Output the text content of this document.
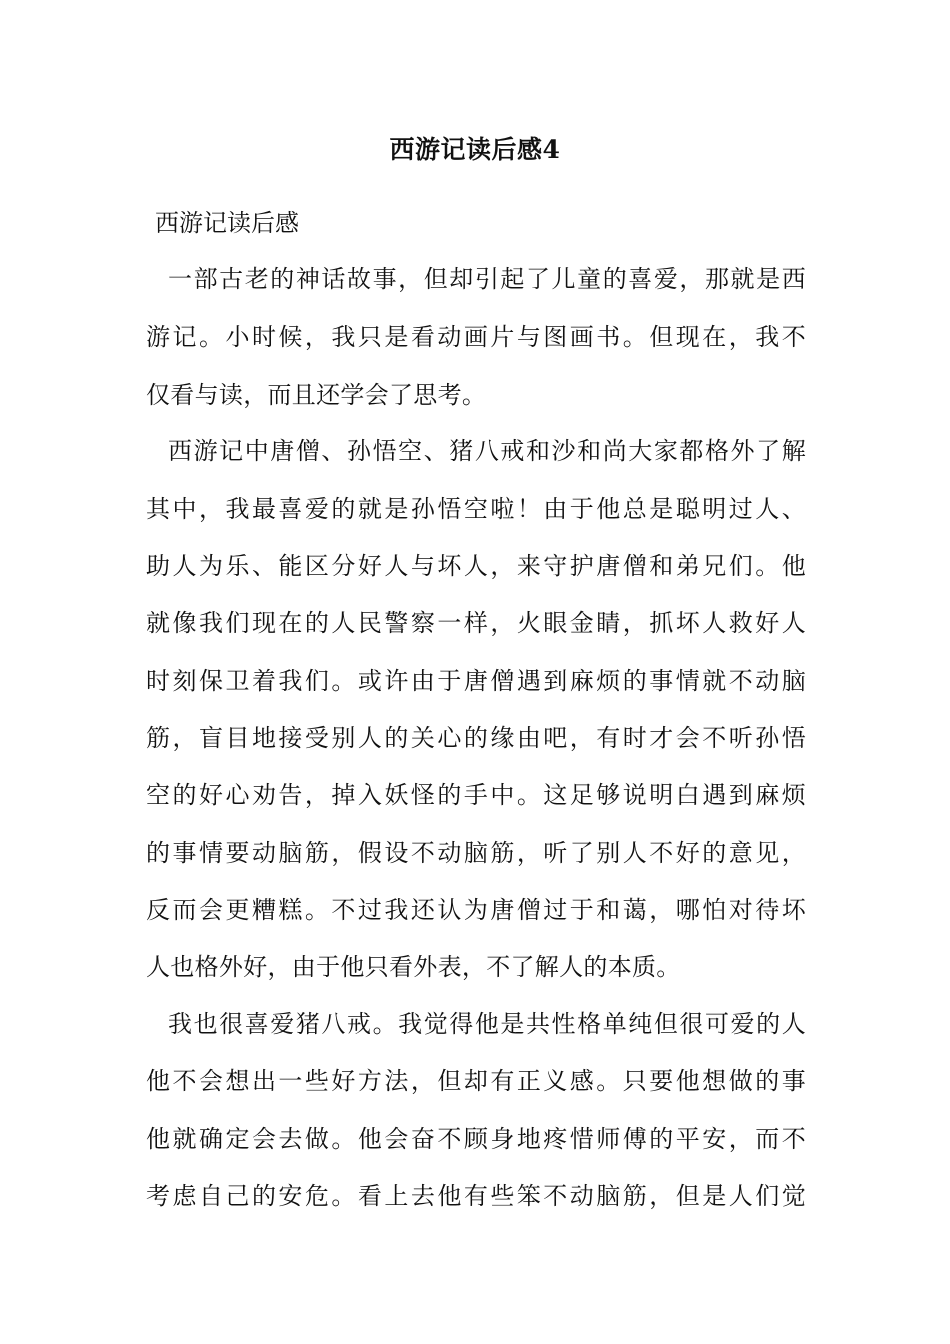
西游记读后感4
西游记读后感
一部古老的神话故事，但却引起了儿童的喜爱，那就是西
游记。小时候，我只是看动画片与图画书。但现在，我不
仅看与读，而且还学会了思考。
西游记中唐僧、孙悟空、猪八戒和沙和尚大家都格外了解
其中，我最喜爱的就是孙悟空啦！由于他总是聪明过人、
助人为乐、能区分好人与坏人，来守护唐僧和弟兄们。他
就像我们现在的人民警察一样，火眼金睛，抓坏人救好人
时刻保卫着我们。或许由于唐僧遇到麻烦的事情就不动脑
筋，盲目地接受别人的关心的缘由吧，有时才会不听孙悟
空的好心劝告，掉入妖怪的手中。这足够说明白遇到麻烦
的事情要动脑筋，假设不动脑筋，听了别人不好的意见，
反而会更糟糕。不过我还认为唐僧过于和蔼，哪怕对待坏
人也格外好，由于他只看外表，不了解人的本质。
我也很喜爱猪八戒。我觉得他是共性格单纯但很可爱的人
他不会想出一些好方法，但却有正义感。只要他想做的事
他就确定会去做。他会奋不顾身地疼惜师傅的平安，而不
考虑自己的安危。看上去他有些笨不动脑筋，但是人们觉
